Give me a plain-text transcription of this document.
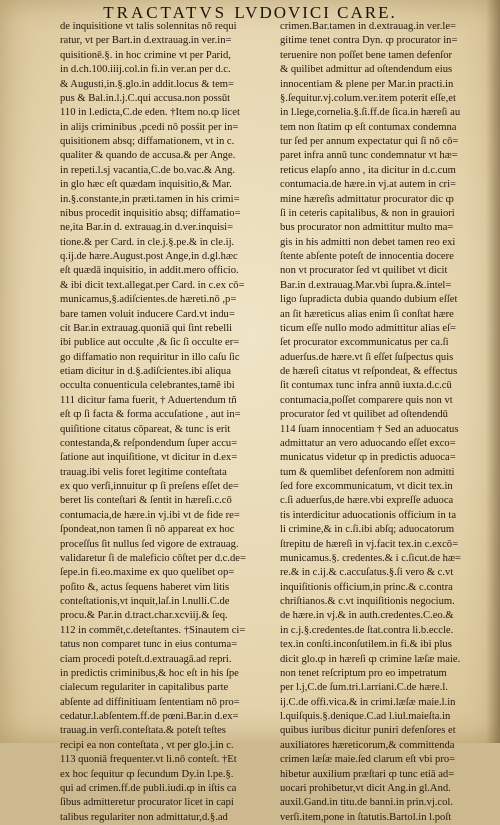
TRACTATVS LVDOVICI CARE.
de inquisitione vt talis solennitas nō requi
ratur, vt per Bart.in d.extrauag.in ver.in=
quisitionē.§. in hoc crimine vt per Parid,
in d.ch.100.iiij.col.in fi.in ver.an per d.c.
& Augusti,in.§.glo.in addit.locus & tem=
pus & Bal.in.l.j.C.qui accusa.non possūt
110 in l.edicta,C.de eden. †Item no.ȹ licet
in alijs criminibus ,pcedi nō posśit per in=
quisitionem absq; diffamationem, vt in c.
qualiter & quando de accusa.& per Ange.
in repeti.l.sj vacantia,C.de bo.vac.& Ang.
in glo hæc eſt quædam inquisitio,& Mar.
in.§.constante,in præti.tamen in his crimi=
nibus procedit inquisitio absq; diffamatio=
ne,ita Bar.in d. extrauag.in d.ver.inquisi=
tione.& per Card. in cle.j.§.pe.& in cle.ij.
q.ij.de hære.August.post Ange,in d.gl.hæc
eſt quædā inquisitio, in addit.mero officio.
& ibi dicit text.allegat.per Card. in c.ex cō=
municamus,§.adiſcientes.de hæreti.nō ,p=
bare tamen voluit inducere Card.vt indu=
cit Bar.in extrauag.quoniā qui ſint rebelli
ibi publice aut occulte ,& ſic ſi occulte er=
go diffamatio non requiritur in illo caſu ſic
etiam dicitur in d.§.adiſcientes.ibi aliqua
occulta conuenticula celebrantes,tamē ibi
111 dicitur fama fuerit, † Aduertendum tñ
eſt ȹ ſi facta & forma accuſatione , aut in=
quiſitione citatus cōpareat, & tunc is erit
contestanda,& reſpondendum ſuper accu=
ſatione aut inquiſitione, vt dicitur in d.ex=
trauag.ibi velis foret legitime conteſtata
ex quo verſi,innuitur ȹ ſi preſens eſſet de=
beret lis conteſtari & ſentit in hæreſi.c.cō
contumacia,de hære.in vj.ibi vt de fide re=
ſpondeat,non tamen ſi nō appareat ex hoc
proceſſus ſit nullus ſed vigore de extrauag.
validaretur ſi de maleficio cōſtet per d.c.de=
ſepe.in fi.eo.maxime ex quo quelibet op=
poſito &, actus ſequens haberet vim litis
conteſtationis,vt inquit,laſ.in l.nulli.C.de
procu.& Par.in d.tract.char.xcviij.& ſeq.
112 in commēt,c.deteſtantes. †Sinautem ci=
tatus non comparet tunc in eius contuma=
ciam procedi poteſt.d.extrauagā.ad repri.
in predictis criminibus,& hoc eſt in his ſpe
cialecum regulariter in capitalibus parte
abſente ad diffinitiuam ſententiam nō pro=
cedatur.l.abſentem.ff.de pœni.Bar.in d.ex=
trauag.in verſi.conteſtata.& poteſt teſtes
recipi ea non conteſtata , vt per glo.j.in c.
113 quoniā frequenter.vt li.nō conteſt. †Et
ex hoc ſequitur ȹ ſecundum Dy.in l.pe.§.
qui ad crimen.ff.de publi.iudi.ȹ in iſtis ca
ſibus admitteretur procurator licet in capi
talibus regulariter non admittatur,d.§.ad
crimen.Bar.tamen in d.extrauag.in ver.le=
gitime tenet contra Dyn. ȹ procurator in=
teruenire non poſſet bene tamen defenſor
& quilibet admittur ad oſtendendum eius
innocentiam & plene per Mar.in practi.in
§.ſequitur.vj.colum.ver.item poterit eſſe,et
in l.lege,cornelia.§.ſi.ff.de ſica.in hæreſi au
tem non ſtatim ȹ eſt contumax condemna
tur ſed per annum expectatur qui ſi nō cō=
paret infra annū tunc condemnatur vt hæ=
reticus elapſo anno , ita dicitur in d.c.cum
contumacia.de hære.in vj.at autem in cri=
mine hæreſis admittatur procurator dic ȹ
ſi in ceteris capitalibus, & non in grauiori
bus procurator non admittitur multo ma=
gis in his admitti non debet tamen reo exi
ſtente abſente poteſt de innocentia docere
non vt procurator ſed vt quilibet vt dicit
Bar.in d.extrauag.Mar.vbi ſupra.&.intel=
ligo ſupradicta dubia quando dubium eſſet
an ſit hæreticus alias enim ſi conſtat hære
ticum eſſe nullo modo admittitur alias eſ=
ſet procurator excommunicatus per ca.ſi
aduerſus.de hære.vt ſi eſſet ſuſpectus quis
de hæreſi citatus vt reſpondeat, & effectus
ſit contumax tunc infra annū iuxta.d.c.cū
contumacia,poſſet comparere quis non vt
procurator ſed vt quilibet ad oſtendendū
114 ſuam innocentiam † Sed an aduocatus
admittatur an vero aduocando eſſet exco=
municatus videtur ȹ in predictis aduoca=
tum & quemlibet defenſorem non admitti
ſed fore excommunicatum, vt dicit tex.in
c.ſi aduerſus,de hære.vbi expreſſe aduoca
tis interdicitur aduocationis officium in ta
li crimine,& in c.ſi.ibi abſq; aduocatorum
ſtrepitu de hæreſi in vj.facit tex.in c.excō=
municamus.§. credentes.& i c.ſicut.de hæ=
re.& in c.ij.& c.accuſatus.§.ſi vero & c.vt
inquiſitionis officium,in princ.& c.contra
chriſtianos.& c.vt inquiſitionis negocium.
de hære.in vj.& in auth.credentes.C.eo.&
in c.j.§.credentes.de ſtat.contra li.b.eccle.
tex.in conſti.inconſutilem.in fi.& ibi plus
dicit glo.ȹ in hæreſi ȹ crimine læſæ maie.
non tenet reſcriptum pro eo impetratum
per l.j,C.de ſum.tri.l.arriani.C.de hære.l.
ij.C.de offi.vica.& in crimi.læſæ maie.l.in
l.quiſquis.§.denique.C.ad l.iul.maieſta.in
quibus iuribus dicitur puniri defenſores et
auxiliatores hæreticorum,& committenda
crimen læſæ maie.ſed clarum eſt vbi pro=
hibetur auxilium præſtari ȹ tunc etiā ad=
uocari prohibetur,vt dicit Ang.in gl.And.
auxil.Gand.in titu.de banni.in prin.vj.col.
verſi.item,pone in ſtatutis.Bartol.in l.poſt
